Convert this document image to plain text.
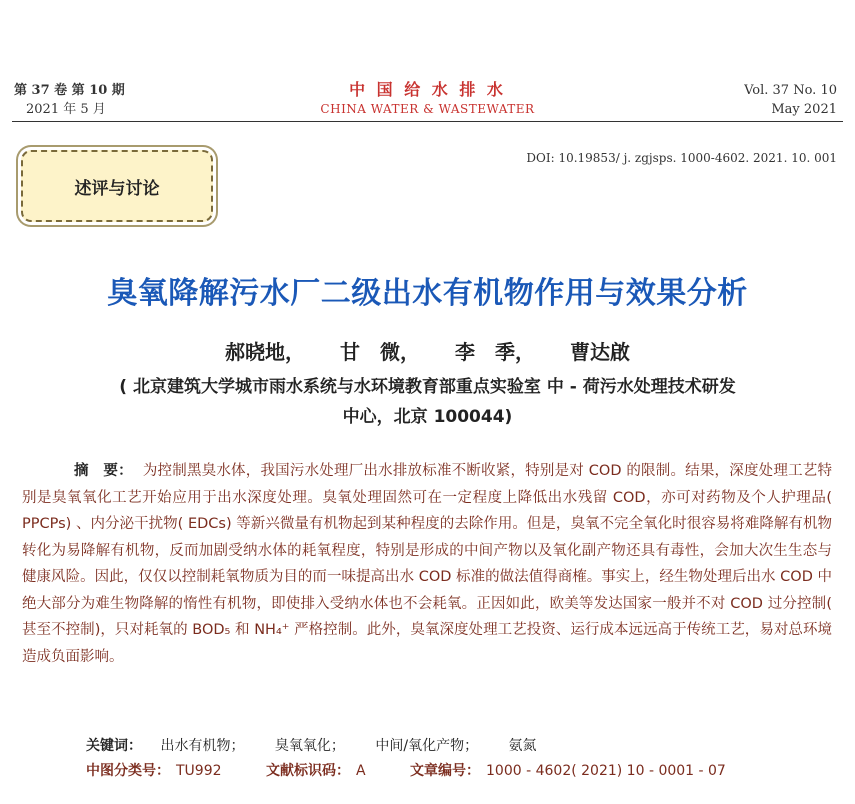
第 37 卷 第 10 期
2021 年 5 月
中 国 给 水 排 水
CHINA WATER & WASTEWATER
Vol. 37 No. 10
May 2021
DOI: 10.19853/ j. zgjsps. 1000-4602. 2021. 10. 001
述评与讨论
臭氧降解污水厂二级出水有机物作用与效果分析
郝晓地， 甘　微， 李　季， 曹达啟
( 北京建筑大学城市雨水系统与水环境教育部重点实验室 中 - 荷污水处理技术研发
中心，北京 100044)
摘　要： 为控制黑臭水体，我国污水处理厂出水排放标准不断收紧，特别是对 COD 的限制。结果，深度处理工艺特别是臭氧氧化工艺开始应用于出水深度处理。臭氧处理固然可在一定程度上降低出水残留 COD，亦可对药物及个人护理品( PPCPs) 、内分泌干扰物( EDCs) 等新兴微量有机物起到某种程度的去除作用。但是，臭氧不完全氧化时很容易将难降解有机物转化为易降解有机物，反而加剧受纳水体的耗氧程度，特别是形成的中间产物以及氧化副产物还具有毒性，会加大次生生态与健康风险。因此，仅仅以控制耗氧物质为目的而一味提高出水 COD 标准的做法值得商榷。事实上，经生物处理后出水 COD 中绝大部分为难生物降解的惰性有机物，即使排入受纳水体也不会耗氧。正因如此，欧美等发达国家一般并不对 COD 过分控制( 甚至不控制)，只对耗氧的 BOD₅ 和 NH₄⁺ 严格控制。此外，臭氧深度处理工艺投资、运行成本远远高于传统工艺，易对总环境造成负面影响。
关键词： 出水有机物； 臭氧氧化； 中间/氧化产物； 氨氮
中图分类号： TU992	文献标识码： A	文章编号： 1000 - 4602( 2021) 10 - 0001 - 07
